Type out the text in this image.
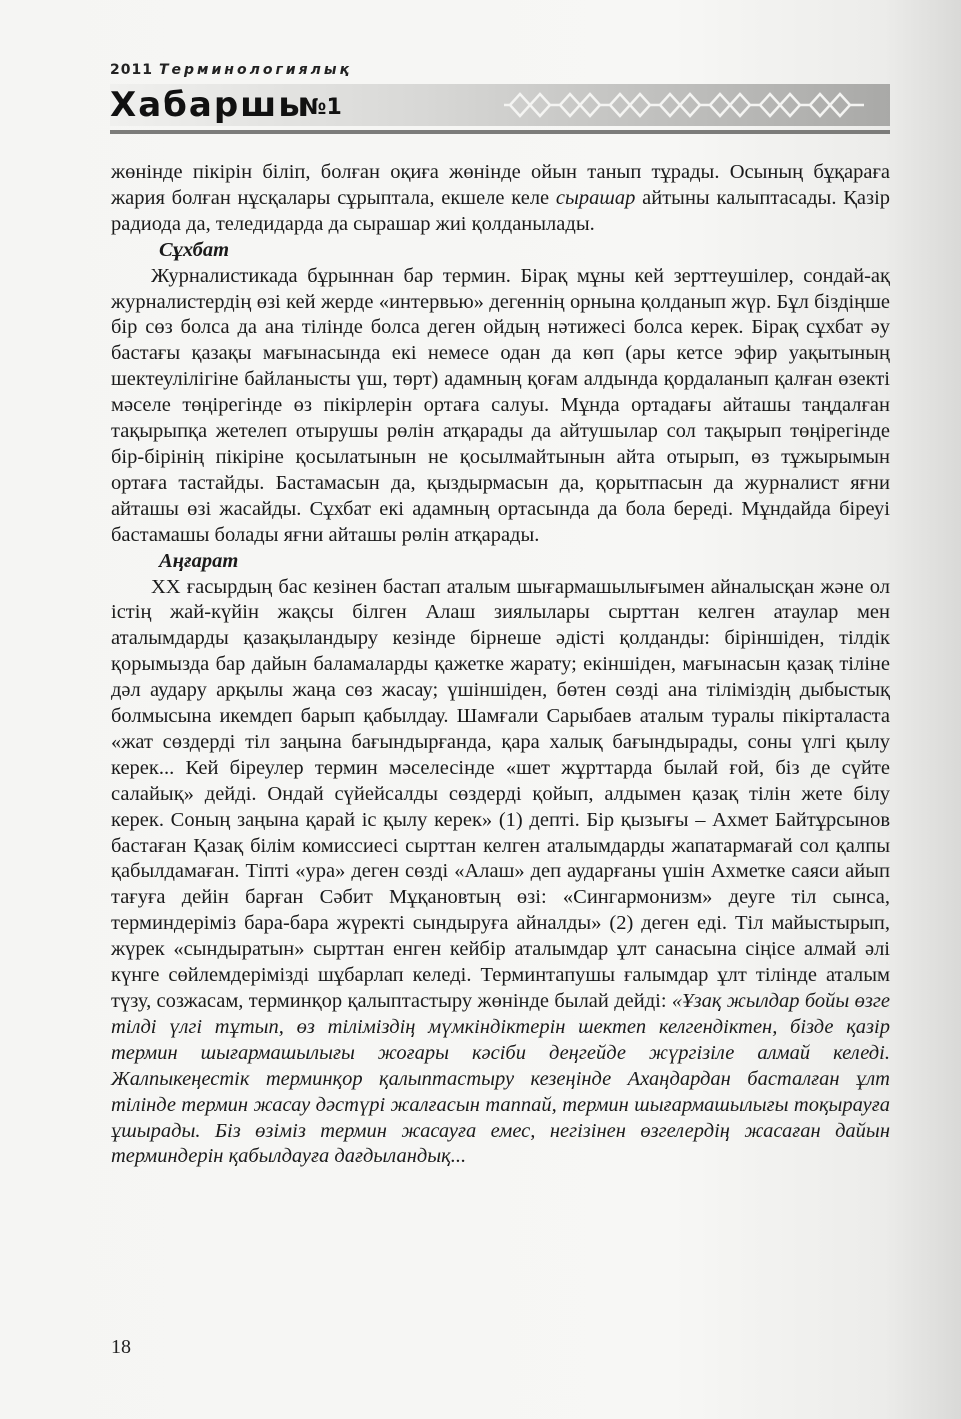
2011 Терминологиялық
Хабаршы
№1

жөнінде пікірін біліп, болған оқиға жөнінде ойын танып тұрады. Осының бұқараға жария болған нұсқалары сұрыптала, екшеле келе сырашар айтыны калыптасады. Қазір радиода да, теледидарда да сырашар жиі қолданылады.

Сұхбат

Журналистикада бұрыннан бар термин. Бірақ мұны кей зерттеушілер, сондай-ақ журналистердің өзі кей жерде «интервью» дегеннің орнына қолданып жүр. Бұл біздіңше бір сөз болса да ана тілінде болса деген ойдың нәтижесі болса керек. Бірақ сұхбат әу бастағы қазақы мағынасында екі немесе одан да көп (ары кетсе эфир уақытының шектеулілігіне байланысты үш, төрт) адамның қоғам алдында қордаланып қалған өзекті мәселе төңірегінде өз пікірлерін ортаға салуы. Мұнда ортадағы айташы таңдалған тақырыпқа жетелеп отырушы рөлін атқарады да айтушылар сол тақырып төңірегінде бір-бірінің пікіріне қосылатынын не қосылмайтынын айта отырып, өз тұжырымын ортаға тастайды. Бастамасын да, қыздырмасын да, қорытпасын да журналист яғни айташы өзі жасайды. Сұхбат екі адамның ортасында да бола береді. Мұндайда біреуі бастамашы болады яғни айташы рөлін атқарады.

Аңғарат

XX ғасырдың бас кезінен бастап аталым шығармашылығымен айналысқан және ол істің жай-күйін жақсы білген Алаш зиялылары сырттан келген атаулар мен аталымдарды қазақыландыру кезінде бірнеше әдісті қолданды: біріншіден, тілдік қорымызда бар дайын баламаларды қажетке жарату; екіншіден, мағынасын қазақ тіліне дәл аудару арқылы жаңа сөз жасау; үшіншіден, бөтен сөзді ана тіліміздің дыбыстық болмысына икемдеп барып қабылдау. Шамғали Сарыбаев аталым туралы пікірталаста «жат сөздерді тіл заңына бағындырғанда, қара халық бағындырады, соны үлгі қылу керек... Кей біреулер термин мәселесінде «шет жұрттарда былай ғой, біз де сүйте салайық» дейді. Ондай сүйейсалды сөздерді қойып, алдымен қазақ тілін жете білу керек. Соның заңына қарай іс қылу керек» (1) депті. Бір қызығы – Ахмет Байтұрсынов бастаған Қазақ білім комиссиесі сырттан келген аталымдарды жапатармағай сол қалпы қабылдамаған. Тіпті «ура» деген сөзді «Алаш» деп аударғаны үшін Ахметке саяси айып тағуға дейін барған Сәбит Мұқановтың өзі: «Сингармонизм» деуге тіл сынса, терминдеріміз бара-бара жүректі сындыруға айналды» (2) деген еді. Тіл майыстырып, жүрек «сындыратын» сырттан енген кейбір аталымдар ұлт санасына сіңісе алмай әлі күнге сөйлемдерімізді шұбарлап келеді. Терминтапушы ғалымдар ұлт тілінде аталым түзу, созжасам, терминқор қалыптастыру жөнінде былай дейді: «Ұзақ жылдар бойы өзге тілді үлгі тұтып, өз тіліміздің мүмкіндіктерін шектеп келгендіктен, бізде қазір термин шығармашылығы жоғары кәсіби деңгейде жүргізіле алмай келеді. Жалпыкеңестік терминқор қалыптастыру кезеңінде Ахаңдардан басталған ұлт тілінде термин жасау дәстүрі жалғасын таппай, термин шығармашылығы тоқырауға ұшырады. Біз өзіміз термин жасауға емес, негізінен өзгелердің жасаған дайын терминдерін қабылдауға дағдыландық...

18
